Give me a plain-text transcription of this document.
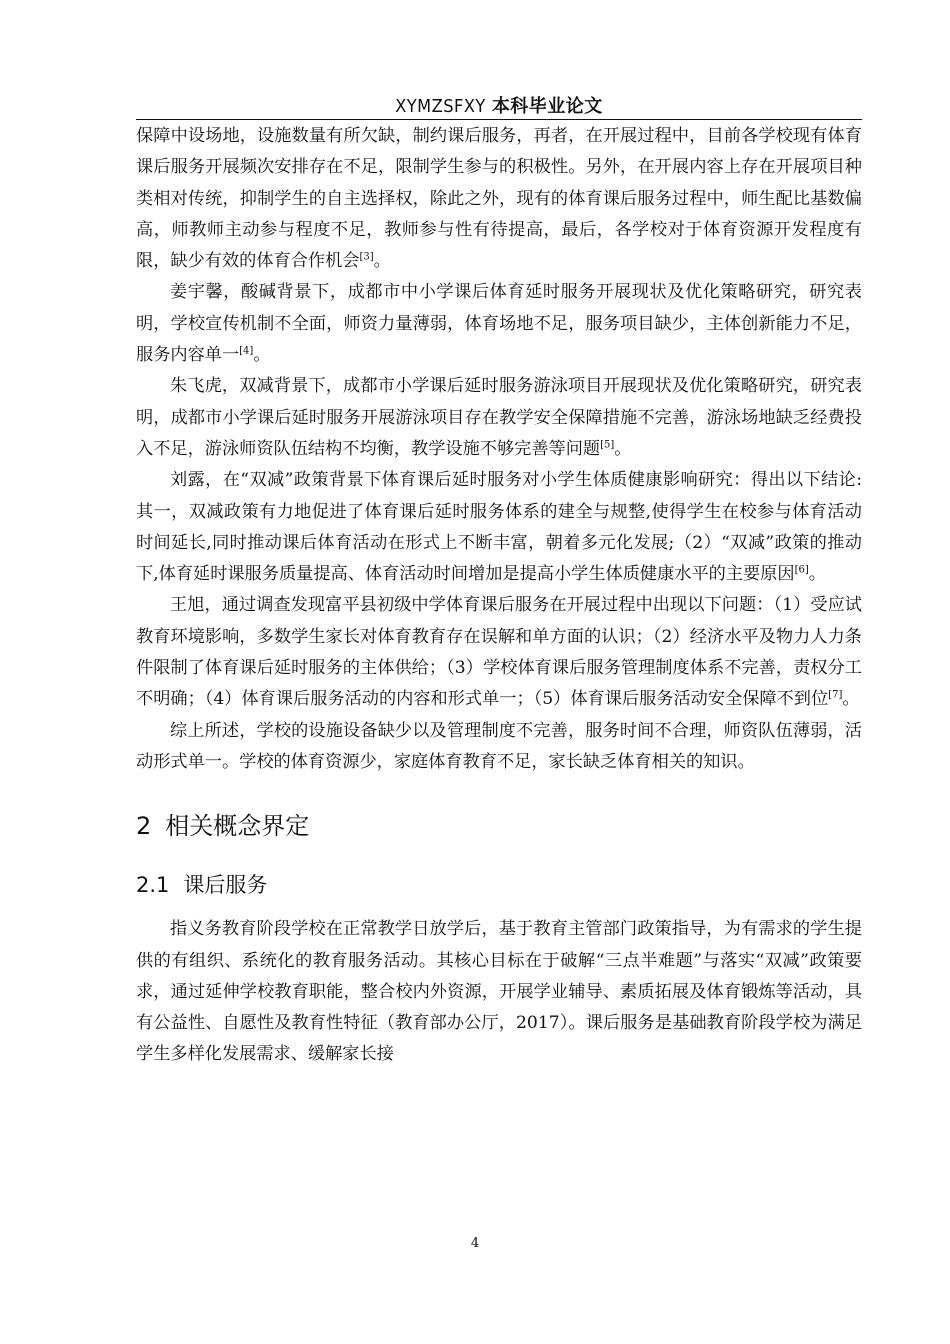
XYMZSFXY 本科毕业论文

保障中设场地，设施数量有所欠缺，制约课后服务，再者，在开展过程中，目前各学校现有体育课后服务开展频次安排存在不足，限制学生参与的积极性。另外，在开展内容上存在开展项目种类相对传统，抑制学生的自主选择权，除此之外，现有的体育课后服务过程中，师生配比基数偏高，师教师主动参与程度不足，教师参与性有待提高，最后，各学校对于体育资源开发程度有限，缺少有效的体育合作机会[3]。

姜宇馨，酸碱背景下，成都市中小学课后体育延时服务开展现状及优化策略研究，研究表明，学校宣传机制不全面，师资力量薄弱，体育场地不足，服务项目缺少，主体创新能力不足，服务内容单一[4]。

朱飞虎，双减背景下，成都市小学课后延时服务游泳项目开展现状及优化策略研究，研究表明，成都市小学课后延时服务开展游泳项目存在教学安全保障措施不完善，游泳场地缺乏经费投入不足，游泳师资队伍结构不均衡，教学设施不够完善等问题[5]。

刘露，在“双减”政策背景下体育课后延时服务对小学生体质健康影响研究：得出以下结论:其一，双减政策有力地促进了体育课后延时服务体系的建全与规整,使得学生在校参与体育活动时间延长,同时推动课后体育活动在形式上不断丰富，朝着多元化发展;（2）“双减”政策的推动下,体育延时课服务质量提高、体育活动时间增加是提高小学生体质健康水平的主要原因[6]。

王旭，通过调查发现富平县初级中学体育课后服务在开展过程中出现以下问题：（1）受应试教育环境影响，多数学生家长对体育教育存在误解和单方面的认识；（2）经济水平及物力人力条件限制了体育课后延时服务的主体供给；（3）学校体育课后服务管理制度体系不完善，责权分工不明确；（4）体育课后服务活动的内容和形式单一；（5）体育课后服务活动安全保障不到位[7]。

综上所述，学校的设施设备缺少以及管理制度不完善，服务时间不合理，师资队伍薄弱，活动形式单一。学校的体育资源少，家庭体育教育不足，家长缺乏体育相关的知识。

2 相关概念界定
2.1 课后服务

指义务教育阶段学校在正常教学日放学后，基于教育主管部门政策指导，为有需求的学生提供的有组织、系统化的教育服务活动。其核心目标在于破解“三点半难题”与落实“双减”政策要求，通过延伸学校教育职能，整合校内外资源，开展学业辅导、素质拓展及体育锻炼等活动，具有公益性、自愿性及教育性特征（教育部办公厅，2017）。课后服务是基础教育阶段学校为满足学生多样化发展需求、缓解家长接

4
